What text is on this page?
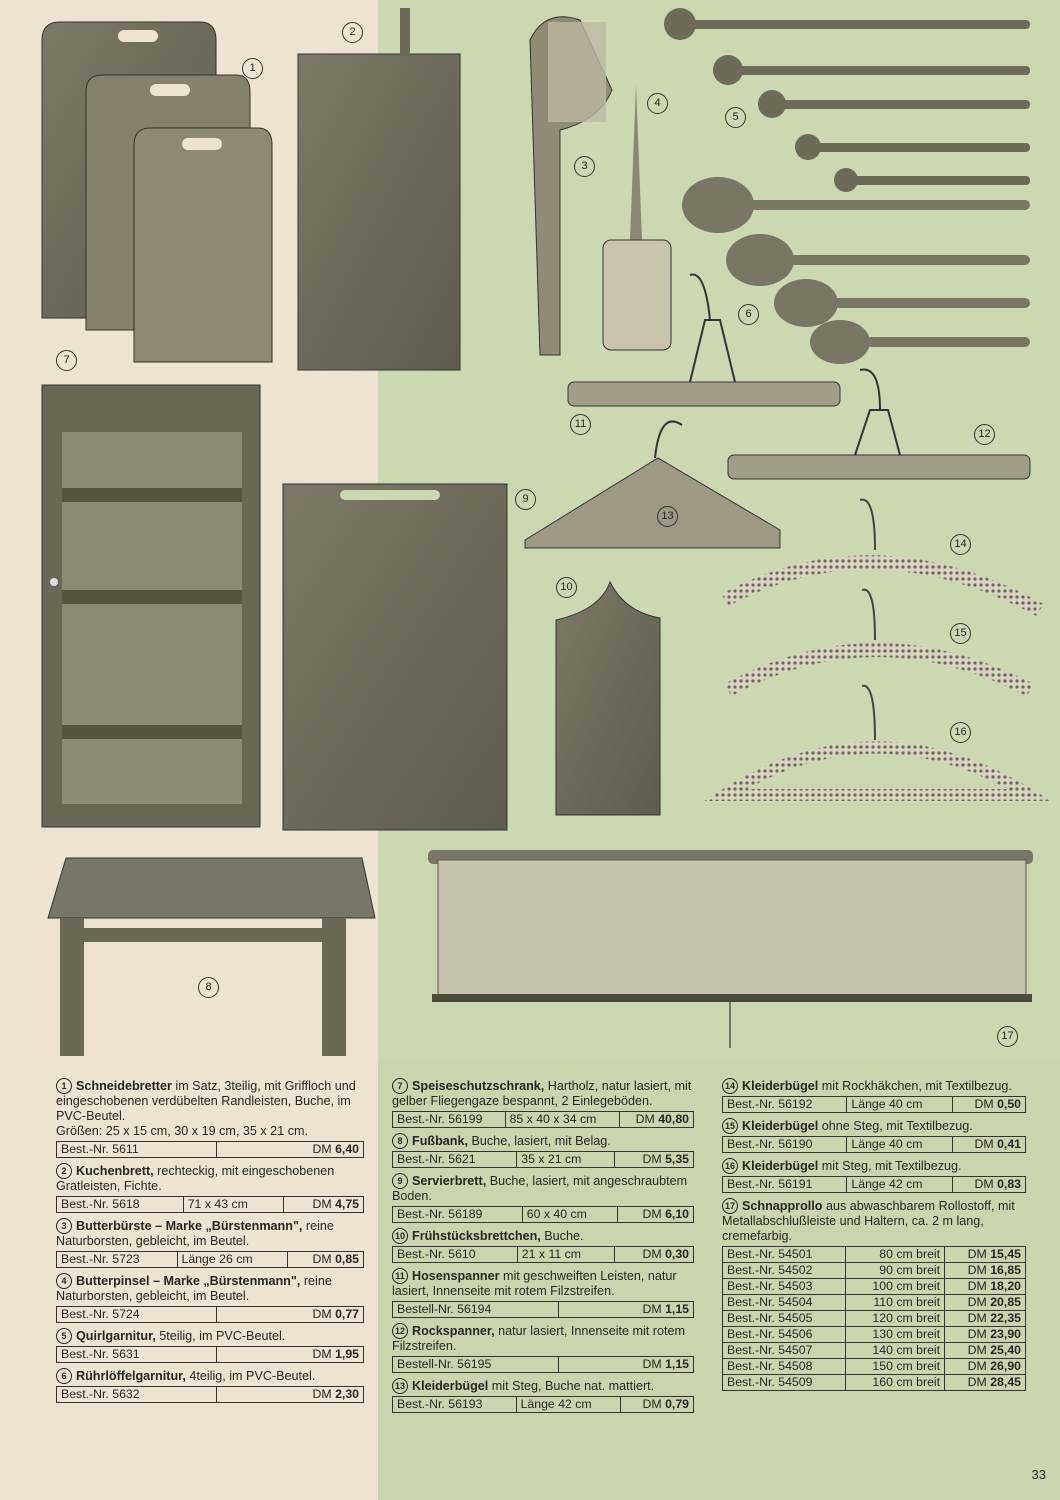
1
2
3
4
5
6
7
8
9
10
11
12
13
14
15
16
17

1 Schneidebretter im Satz, 3teilig, mit Griffloch und eingeschobenen verdübelten Randleisten, Buche, im PVC-Beutel.

Größen: 25 x 15 cm, 30 x 19 cm, 35 x 21 cm.

Best.-Nr. 5611	DM 6,40

2 Kuchenbrett, rechteckig, mit eingeschobenen Gratleisten, Fichte.

Best.-Nr. 5618	71 x 43 cm	DM 4,75

3 Butterbürste – Marke „Bürstenmann", reine Naturborsten, gebleicht, im Beutel.

Best.-Nr. 5723	Länge 26 cm	DM 0,85

4 Butterpinsel – Marke „Bürstenmann", reine Naturborsten, gebleicht, im Beutel.

Best.-Nr. 5724	DM 0,77

5 Quirlgarnitur, 5teilig, im PVC-Beutel.

Best.-Nr. 5631	DM 1,95

6 Rührlöffelgarnitur, 4teilig, im PVC-Beutel.

Best.-Nr. 5632	DM 2,30

7 Speiseschutzschrank, Hartholz, natur lasiert, mit gelber Fliegengaze bespannt, 2 Einlegeböden.

Best.-Nr. 56199	85 x 40 x 34 cm	DM 40,80

8 Fußbank, Buche, lasiert, mit Belag.

Best.-Nr. 5621	35 x 21 cm	DM 5,35

9 Servierbrett, Buche, lasiert, mit angeschraubtem Boden.

Best.-Nr. 56189	60 x 40 cm	DM 6,10

10 Frühstücksbrettchen, Buche.

Best.-Nr. 5610	21 x 11 cm	DM 0,30

11 Hosenspanner mit geschweiften Leisten, natur lasiert, Innenseite mit rotem Filzstreifen.

Bestell-Nr. 56194	DM 1,15

12 Rockspanner, natur lasiert, Innenseite mit rotem Filzstreifen.

Bestell-Nr. 56195	DM 1,15

13 Kleiderbügel mit Steg, Buche nat. mattiert.

Best.-Nr. 56193	Länge 42 cm	DM 0,79

14 Kleiderbügel mit Rockhäkchen, mit Textilbezug.

Best.-Nr. 56192	Länge 40 cm	DM 0,50

15 Kleiderbügel ohne Steg, mit Textilbezug.

Best.-Nr. 56190	Länge 40 cm	DM 0,41

16 Kleiderbügel mit Steg, mit Textilbezug.

Best.-Nr. 56191	Länge 42 cm	DM 0,83

17 Schnapprollo aus abwaschbarem Rollostoff, mit Metallabschlußleiste und Haltern, ca. 2 m lang, cremefarbig.

Best.-Nr. 54501	80 cm breit	DM 15,45
Best.-Nr. 54502	90 cm breit	DM 16,85
Best.-Nr. 54503	100 cm breit	DM 18,20
Best.-Nr. 54504	110 cm breit	DM 20,85
Best.-Nr. 54505	120 cm breit	DM 22,35
Best.-Nr. 54506	130 cm breit	DM 23,90
Best.-Nr. 54507	140 cm breit	DM 25,40
Best.-Nr. 54508	150 cm breit	DM 26,90
Best.-Nr. 54509	160 cm breit	DM 28,45
33
